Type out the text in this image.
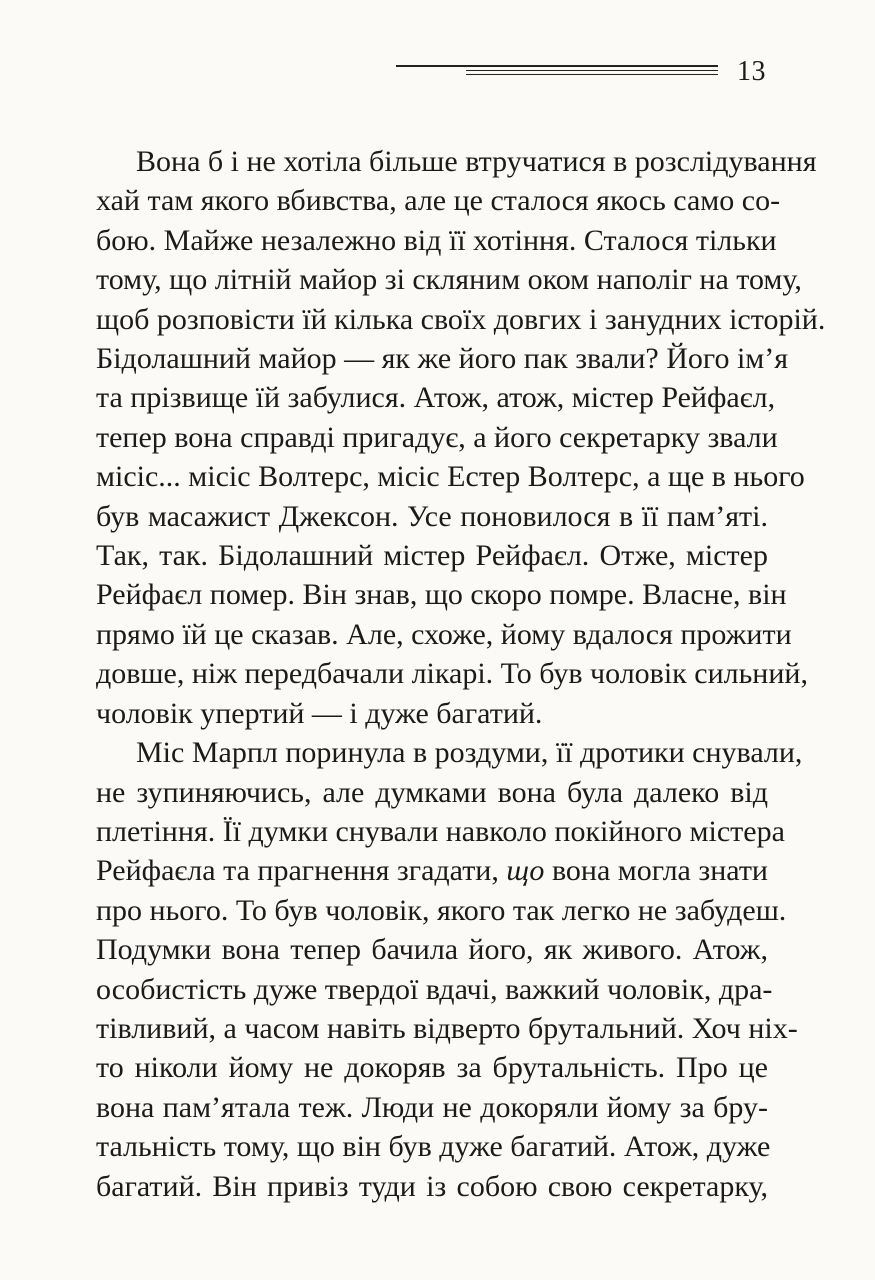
13

Вона б і не хотіла більше втручатися в розслідування
хай там якого вбивства, але це сталося якось само со-
бою. Майже незалежно від її хотіння. Сталося тільки
тому, що літній майор зі скляним оком наполіг на тому,
щоб розповісти їй кілька своїх довгих і занудних історій.
Бідолашний майор — як же його пак звали? Його ім’я
та прізвище їй забулися. Атож, атож, містер Рейфаєл,
тепер вона справді пригадує, а його секретарку звали
місіс... місіс Волтерс, місіс Естер Волтерс, а ще в нього
був масажист Джексон. Усе поновилося в її пам’яті.
Так, так. Бідолашний містер Рейфаєл. Отже, містер
Рейфаєл помер. Він знав, що скоро помре. Власне, він
прямо їй це сказав. Але, схоже, йому вдалося прожити
довше, ніж передбачали лікарі. То був чоловік сильний,
чоловік упертий — і дуже багатий.

Міс Марпл поринула в роздуми, її дротики снували,
не зупиняючись, але думками вона була далеко від
плетіння. Її думки снували навколо покійного містера
Рейфаєла та прагнення згадати, що вона могла знати
про нього. То був чоловік, якого так легко не забудеш.
Подумки вона тепер бачила його, як живого. Атож,
особистість дуже твердої вдачі, важкий чоловік, дра-
тівливий, а часом навіть відверто брутальний. Хоч ніх-
то ніколи йому не докоряв за брутальність. Про це
вона пам’ятала теж. Люди не докоряли йому за бру-
тальність тому, що він був дуже багатий. Атож, дуже
багатий. Він привіз туди із собою свою секретарку,
